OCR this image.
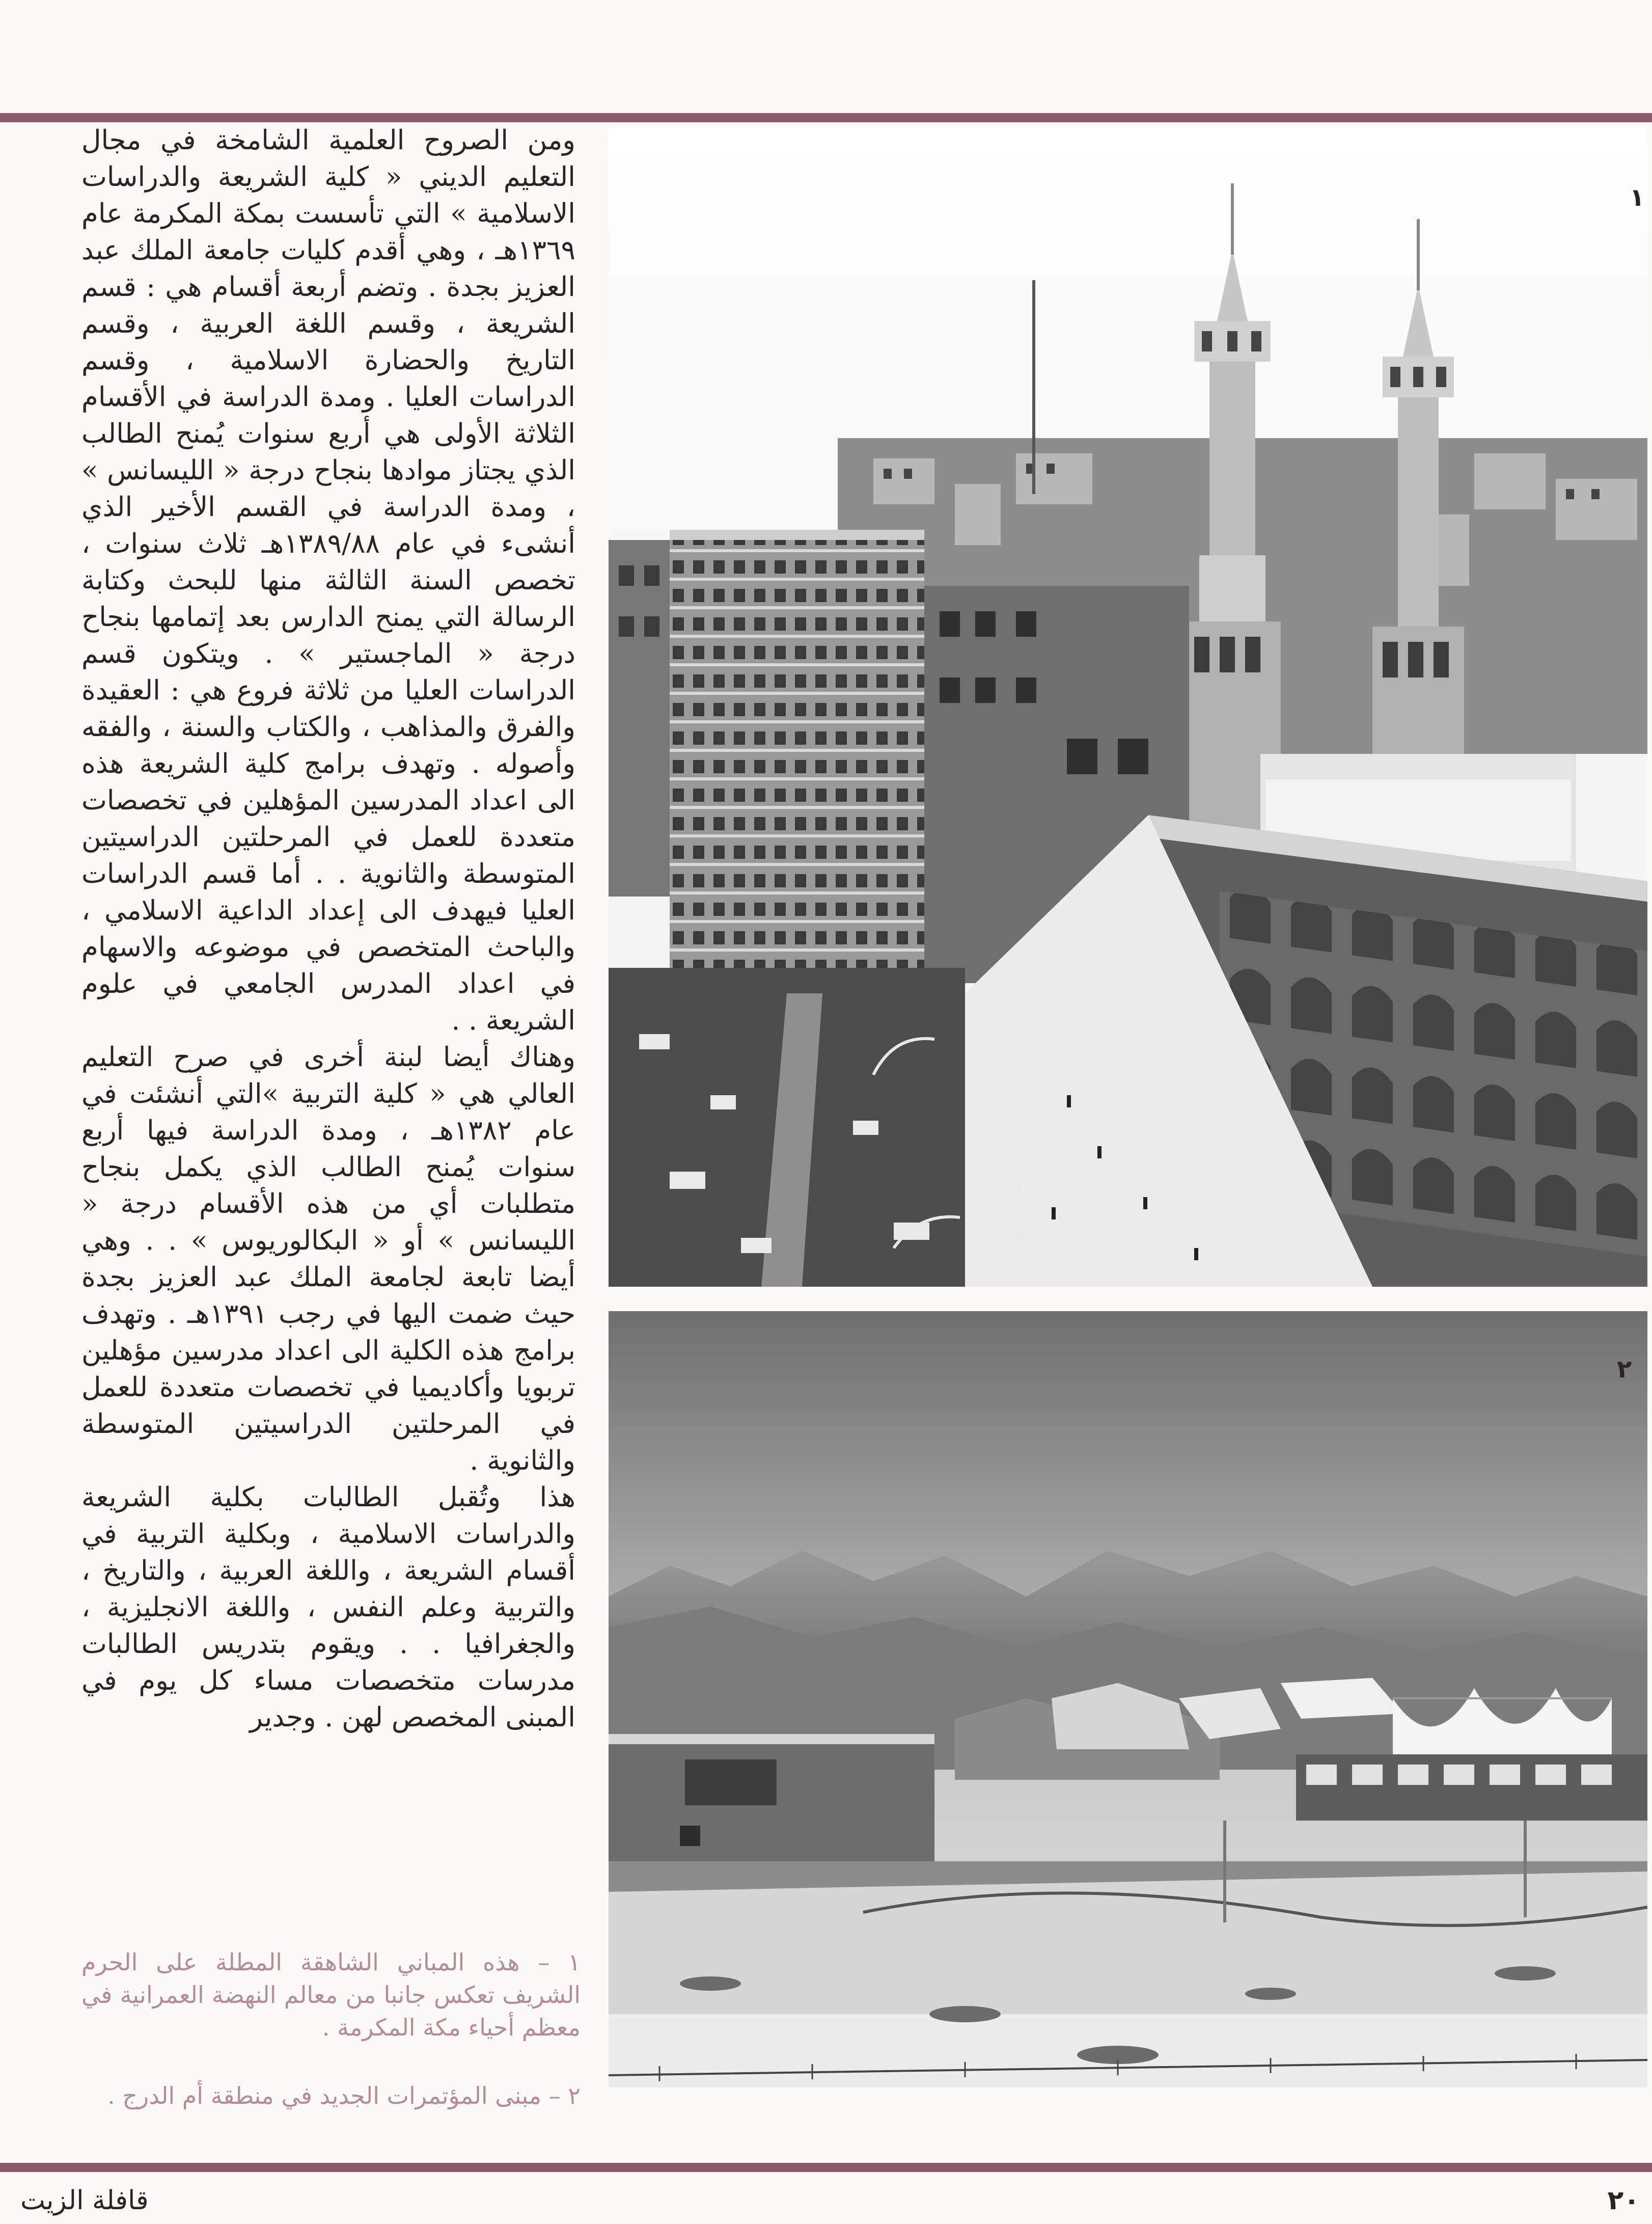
ومن الصروح العلمية الشامخة في مجال التعليم الديني « كلية الشريعة والدراسات الاسلامية » التي تأسست بمكة المكرمة عام ١٣٦٩هـ ، وهي أقدم كليات جامعة الملك عبد العزيز بجدة . وتضم أربعة أقسام هي : قسم الشريعة ، وقسم اللغة العربية ، وقسم التاريخ والحضارة الاسلامية ، وقسم الدراسات العليا . ومدة الدراسة في الأقسام الثلاثة الأولى هي أربع سنوات يُمنح الطالب الذي يجتاز موادها بنجاح درجة « الليسانس » ، ومدة الدراسة في القسم الأخير الذي أنشىء في عام ١٣٨٩/٨٨هـ ثلاث سنوات ، تخصص السنة الثالثة منها للبحث وكتابة الرسالة التي يمنح الدارس بعد إتمامها بنجاح درجة « الماجستير » . ويتكون قسم الدراسات العليا من ثلاثة فروع هي : العقيدة والفرق والمذاهب ، والكتاب والسنة ، والفقه وأصوله . وتهدف برامج كلية الشريعة هذه الى اعداد المدرسين المؤهلين في تخصصات متعددة للعمل في المرحلتين الدراسيتين المتوسطة والثانوية . . أما قسم الدراسات العليا فيهدف الى إعداد الداعية الاسلامي ، والباحث المتخصص في موضوعه والاسهام في اعداد المدرس الجامعي في علوم الشريعة . .

وهناك أيضا لبنة أخرى في صرح التعليم العالي هي « كلية التربية »التي أنشئت في عام ١٣٨٢هـ ، ومدة الدراسة فيها أربع سنوات يُمنح الطالب الذي يكمل بنجاح متطلبات أي من هذه الأقسام درجة « الليسانس » أو « البكالوريوس » . . وهي أيضا تابعة لجامعة الملك عبد العزيز بجدة حيث ضمت اليها في رجب ١٣٩١هـ . وتهدف برامج هذه الكلية الى اعداد مدرسين مؤهلين تربويا وأكاديميا في تخصصات متعددة للعمل في المرحلتين الدراسيتين المتوسطة والثانوية .

هذا وتُقبل الطالبات بكلية الشريعة والدراسات الاسلامية ، وبكلية التربية في أقسام الشريعة ، واللغة العربية ، والتاريخ ، والتربية وعلم النفس ، واللغة الانجليزية ، والجغرافيا . . ويقوم بتدريس الطالبات مدرسات متخصصات مساء كل يوم في المبنى المخصص لهن . وجدير

١ – هذه المباني الشاهقة المطلة على الحرم الشريف تعكس جانبا من معالم النهضة العمرانية في معظم أحياء مكة المكرمة .

٢ – مبنى المؤتمرات الجديد في منطقة أم الدرج .

١
٢
٢٠
قافلة الزيت
